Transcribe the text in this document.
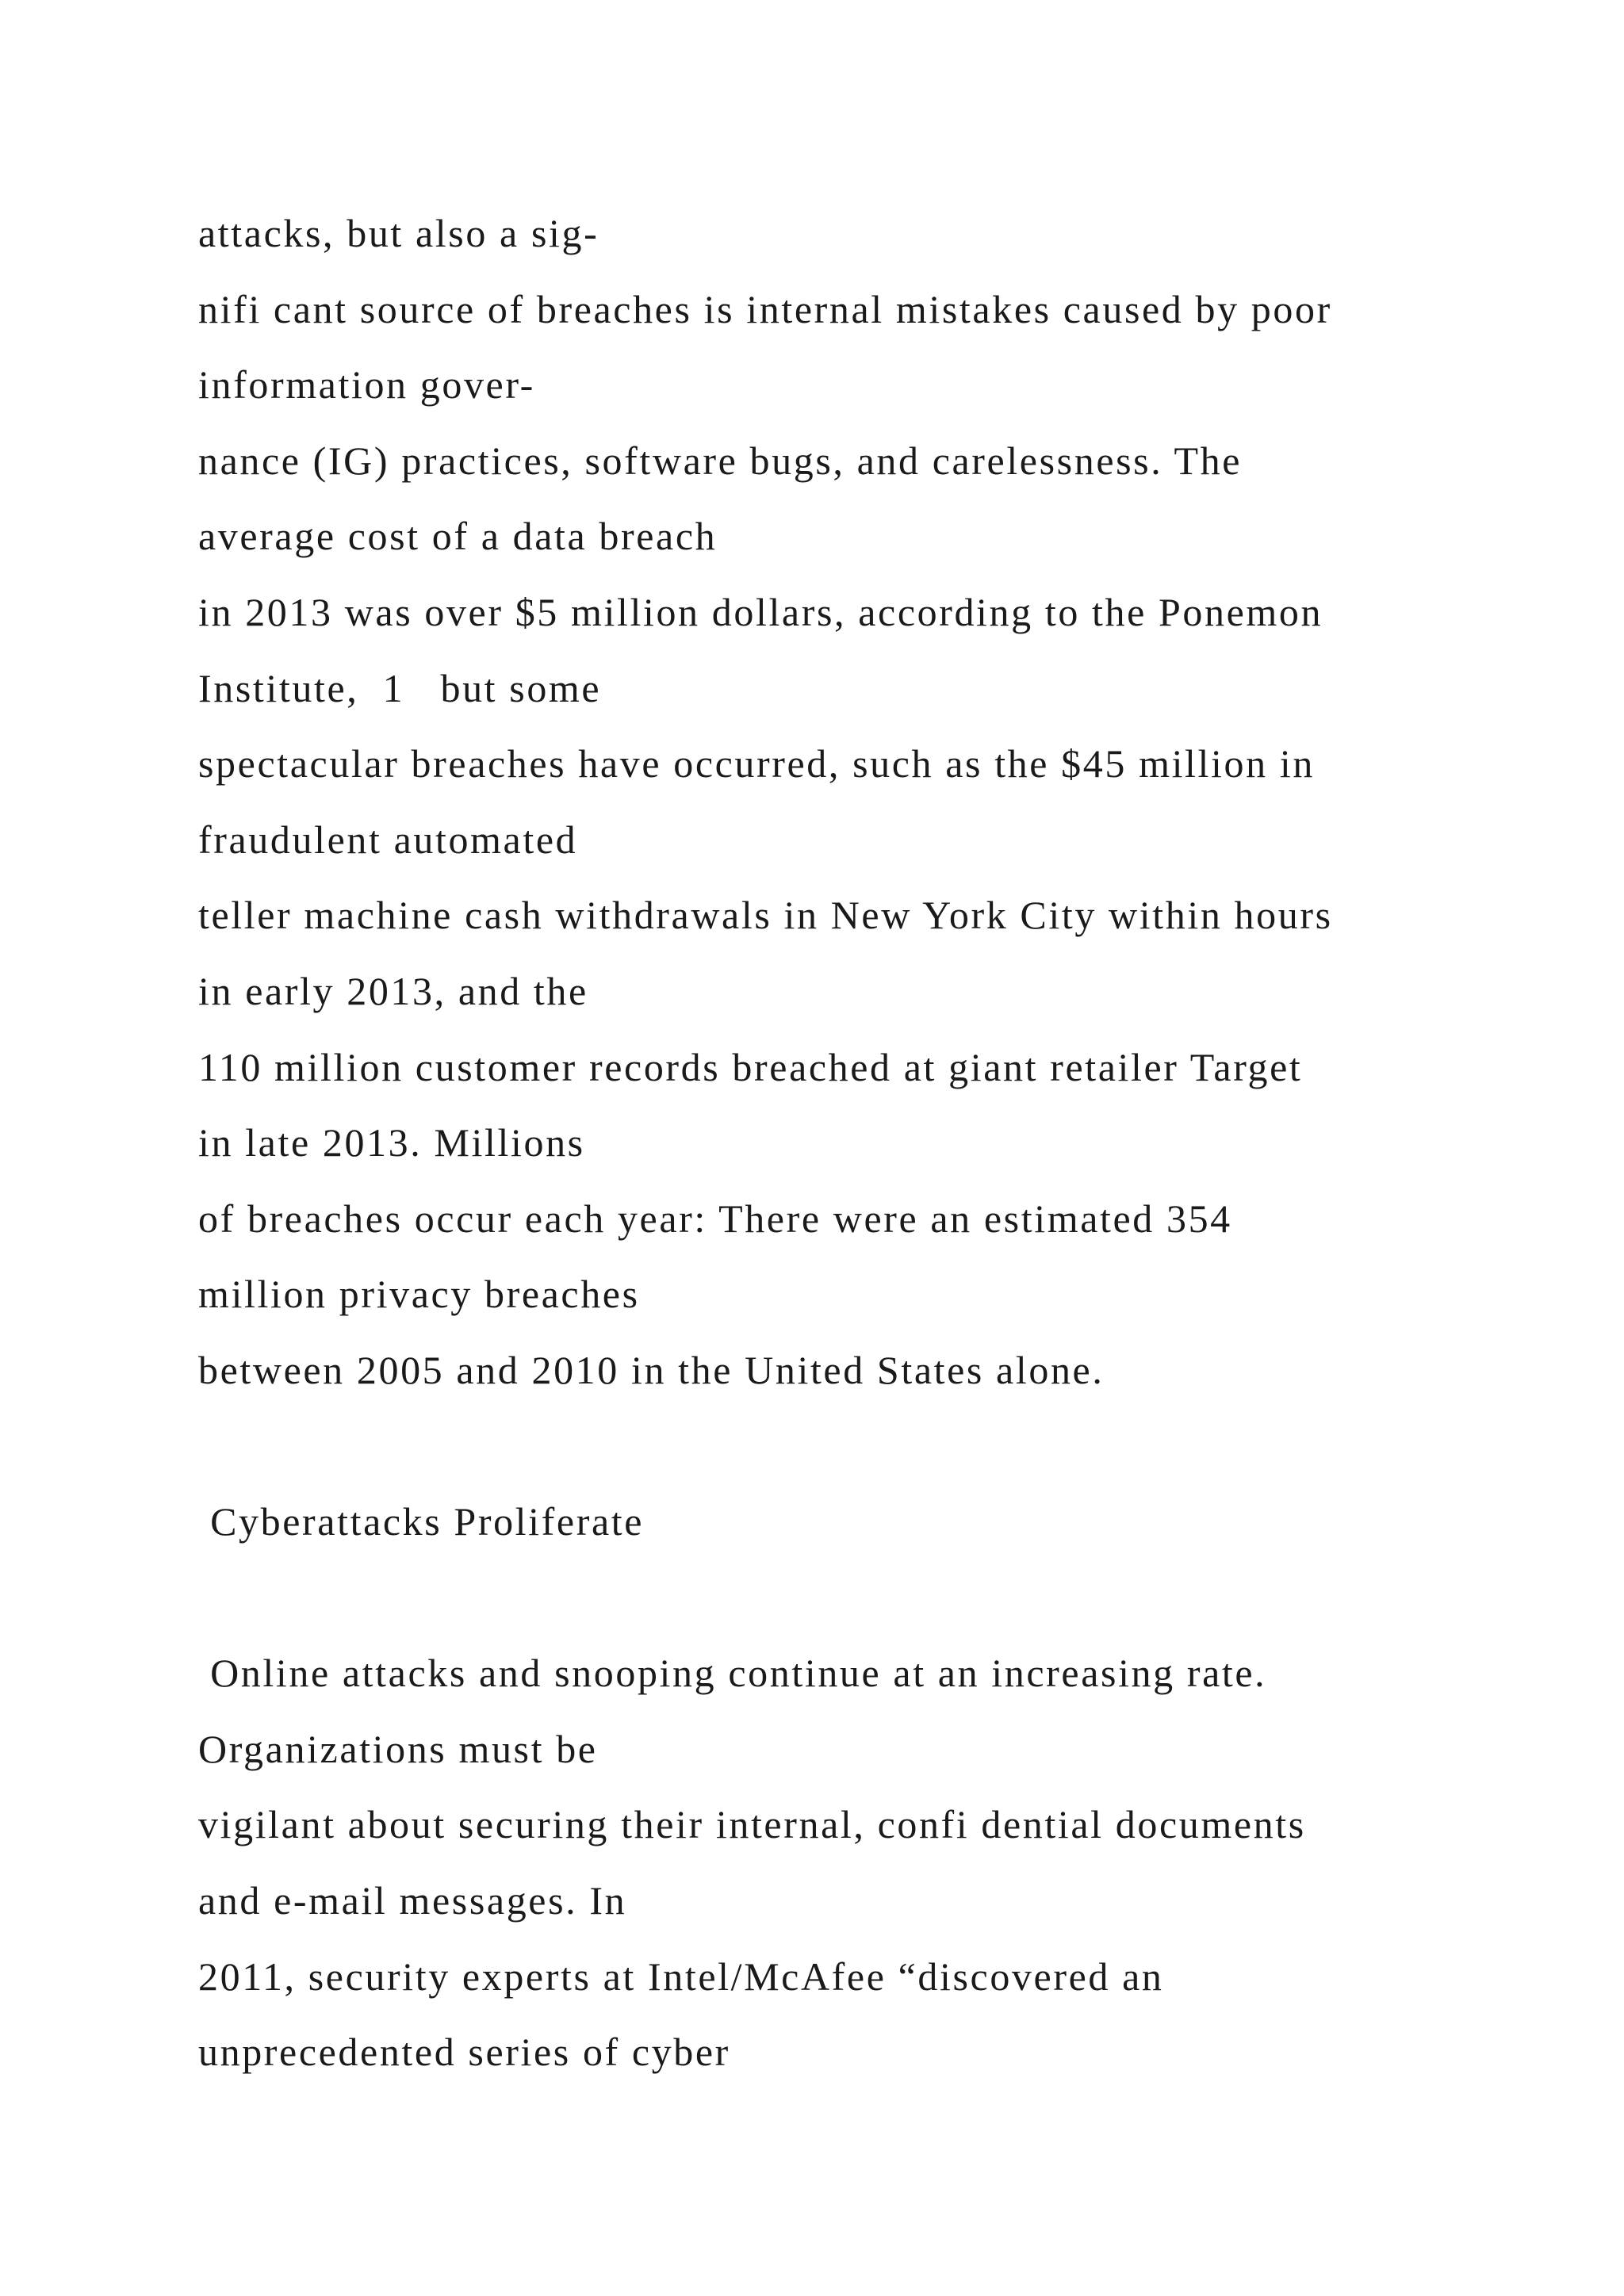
attacks, but also a sig-
nifi cant source of breaches is internal mistakes caused by poor
information gover-
nance (IG) practices, software bugs, and carelessness. The
average cost of a data breach
in 2013 was over $5 million dollars, according to the Ponemon
Institute,  1   but some
spectacular breaches have occurred, such as the $45 million in
fraudulent automated
teller machine cash withdrawals in New York City within hours
in early 2013, and the
110 million customer records breached at giant retailer Target
in late 2013. Millions
of breaches occur each year: There were an estimated 354
million privacy breaches
between 2005 and 2010 in the United States alone.
Cyberattacks Proliferate
Online attacks and snooping continue at an increasing rate.
Organizations must be
vigilant about securing their internal, confi dential documents
and e-mail messages. In
2011, security experts at Intel/McAfee “discovered an
unprecedented series of cyber
